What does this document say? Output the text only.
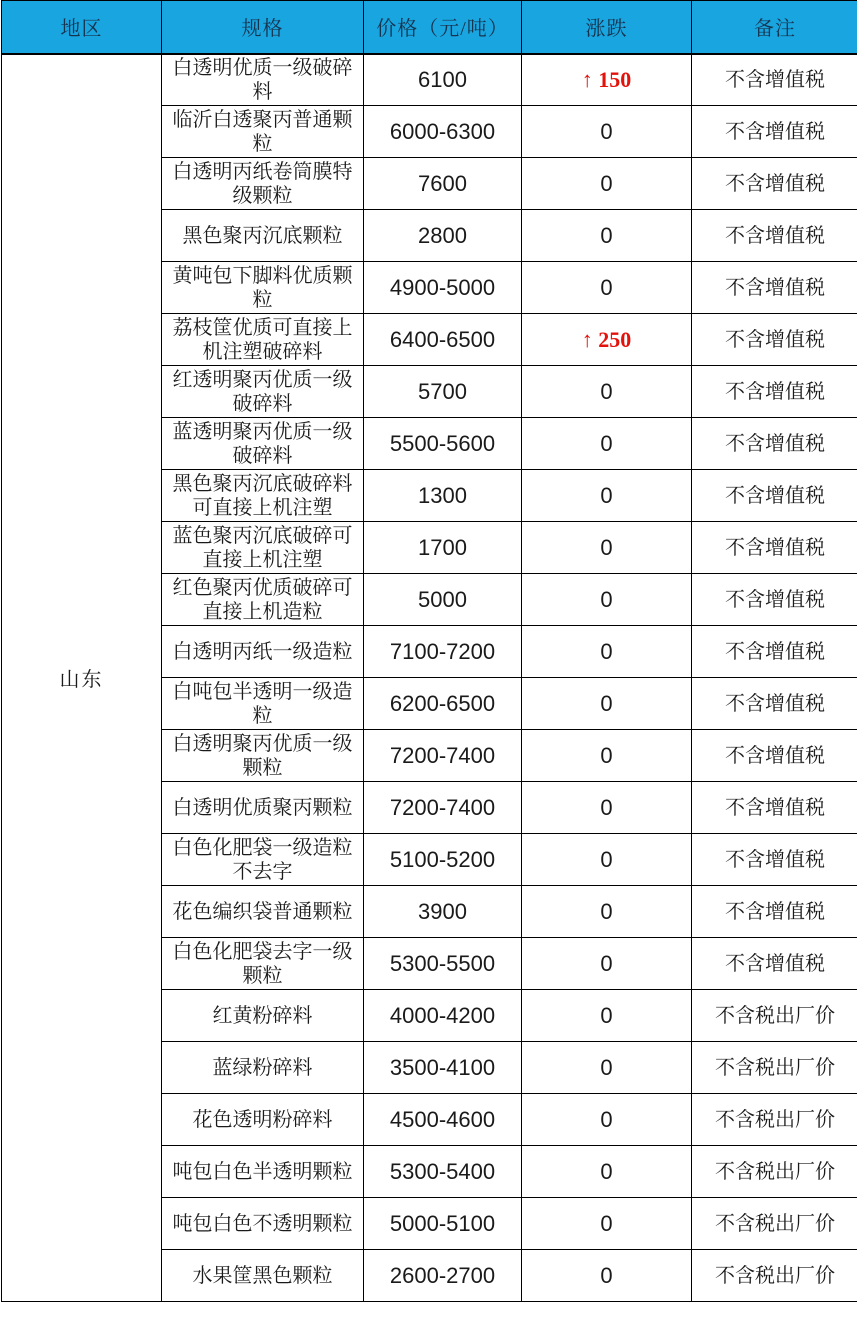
地区	规格	价格（元/吨）	涨跌	备注
山东	白透明优质一级破碎料	6100	↑ 150	不含增值税
	临沂白透聚丙普通颗粒	6000-6300	0	不含增值税
	白透明丙纸卷筒膜特级颗粒	7600	0	不含增值税
	黑色聚丙沉底颗粒	2800	0	不含增值税
	黄吨包下脚料优质颗粒	4900-5000	0	不含增值税
	荔枝筐优质可直接上机注塑破碎料	6400-6500	↑ 250	不含增值税
	红透明聚丙优质一级破碎料	5700	0	不含增值税
	蓝透明聚丙优质一级破碎料	5500-5600	0	不含增值税
	黑色聚丙沉底破碎料可直接上机注塑	1300	0	不含增值税
	蓝色聚丙沉底破碎可直接上机注塑	1700	0	不含增值税
	红色聚丙优质破碎可直接上机造粒	5000	0	不含增值税
	白透明丙纸一级造粒	7100-7200	0	不含增值税
	白吨包半透明一级造粒	6200-6500	0	不含增值税
	白透明聚丙优质一级颗粒	7200-7400	0	不含增值税
	白透明优质聚丙颗粒	7200-7400	0	不含增值税
	白色化肥袋一级造粒不去字	5100-5200	0	不含增值税
	花色编织袋普通颗粒	3900	0	不含增值税
	白色化肥袋去字一级颗粒	5300-5500	0	不含增值税
	红黄粉碎料	4000-4200	0	不含税出厂价
	蓝绿粉碎料	3500-4100	0	不含税出厂价
	花色透明粉碎料	4500-4600	0	不含税出厂价
	吨包白色半透明颗粒	5300-5400	0	不含税出厂价
	吨包白色不透明颗粒	5000-5100	0	不含税出厂价
	水果筐黑色颗粒	2600-2700	0	不含税出厂价
